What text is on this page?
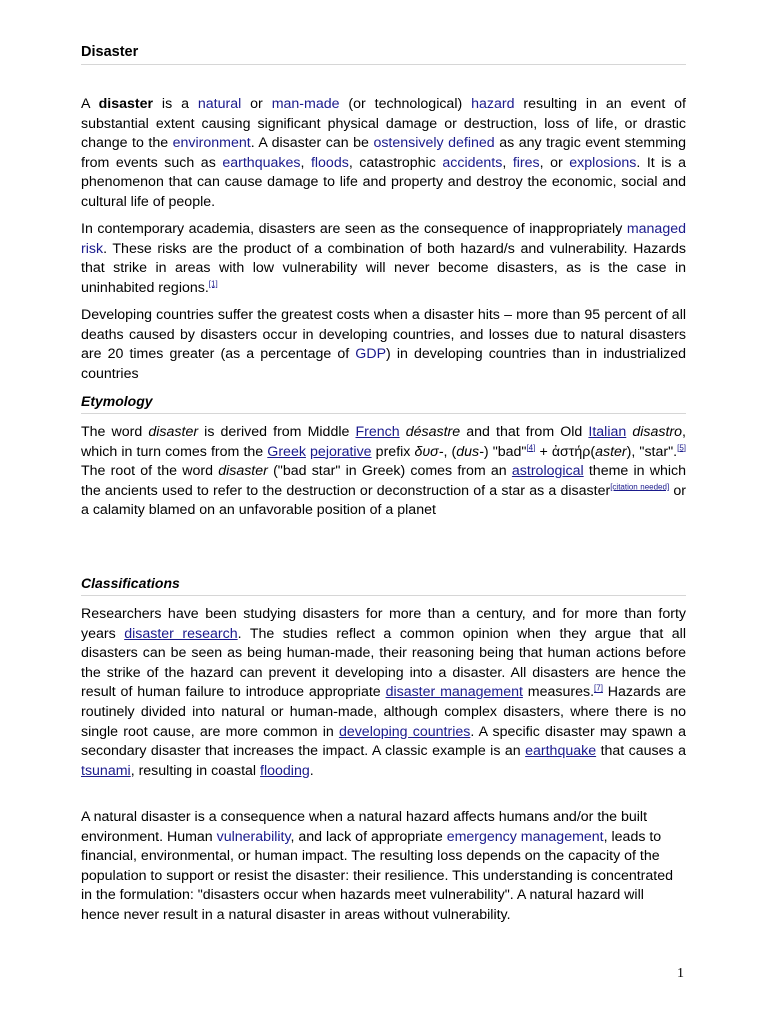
Disaster

A disaster is a natural or man-made (or technological) hazard resulting in an event of substantial extent causing significant physical damage or destruction, loss of life, or drastic change to the environment. A disaster can be ostensively defined as any tragic event stemming from events such as earthquakes, floods, catastrophic accidents, fires, or explosions. It is a phenomenon that can cause damage to life and property and destroy the economic, social and cultural life of people.

In contemporary academia, disasters are seen as the consequence of inappropriately managed risk. These risks are the product of a combination of both hazard/s and vulnerability. Hazards that strike in areas with low vulnerability will never become disasters, as is the case in uninhabited regions.[1]

Developing countries suffer the greatest costs when a disaster hits – more than 95 percent of all deaths caused by disasters occur in developing countries, and losses due to natural disasters are 20 times greater (as a percentage of GDP) in developing countries than in industrialized countries

Etymology

The word disaster is derived from Middle French désastre and that from Old Italian disastro, which in turn comes from the Greek pejorative prefix δυσ-, (dus-) "bad"[4] + ἀστήρ(aster), "star".[5] The root of the word disaster ("bad star" in Greek) comes from an astrological theme in which the ancients used to refer to the destruction or deconstruction of a star as a disaster[citation needed] or a calamity blamed on an unfavorable position of a planet

Classifications

Researchers have been studying disasters for more than a century, and for more than forty years disaster research. The studies reflect a common opinion when they argue that all disasters can be seen as being human-made, their reasoning being that human actions before the strike of the hazard can prevent it developing into a disaster. All disasters are hence the result of human failure to introduce appropriate disaster management measures.[7] Hazards are routinely divided into natural or human-made, although complex disasters, where there is no single root cause, are more common in developing countries. A specific disaster may spawn a secondary disaster that increases the impact. A classic example is an earthquake that causes a tsunami, resulting in coastal flooding.

A natural disaster is a consequence when a natural hazard affects humans and/or the built environment. Human vulnerability, and lack of appropriate emergency management, leads to financial, environmental, or human impact. The resulting loss depends on the capacity of the population to support or resist the disaster: their resilience. This understanding is concentrated in the formulation: "disasters occur when hazards meet vulnerability". A natural hazard will hence never result in a natural disaster in areas without vulnerability.

1
